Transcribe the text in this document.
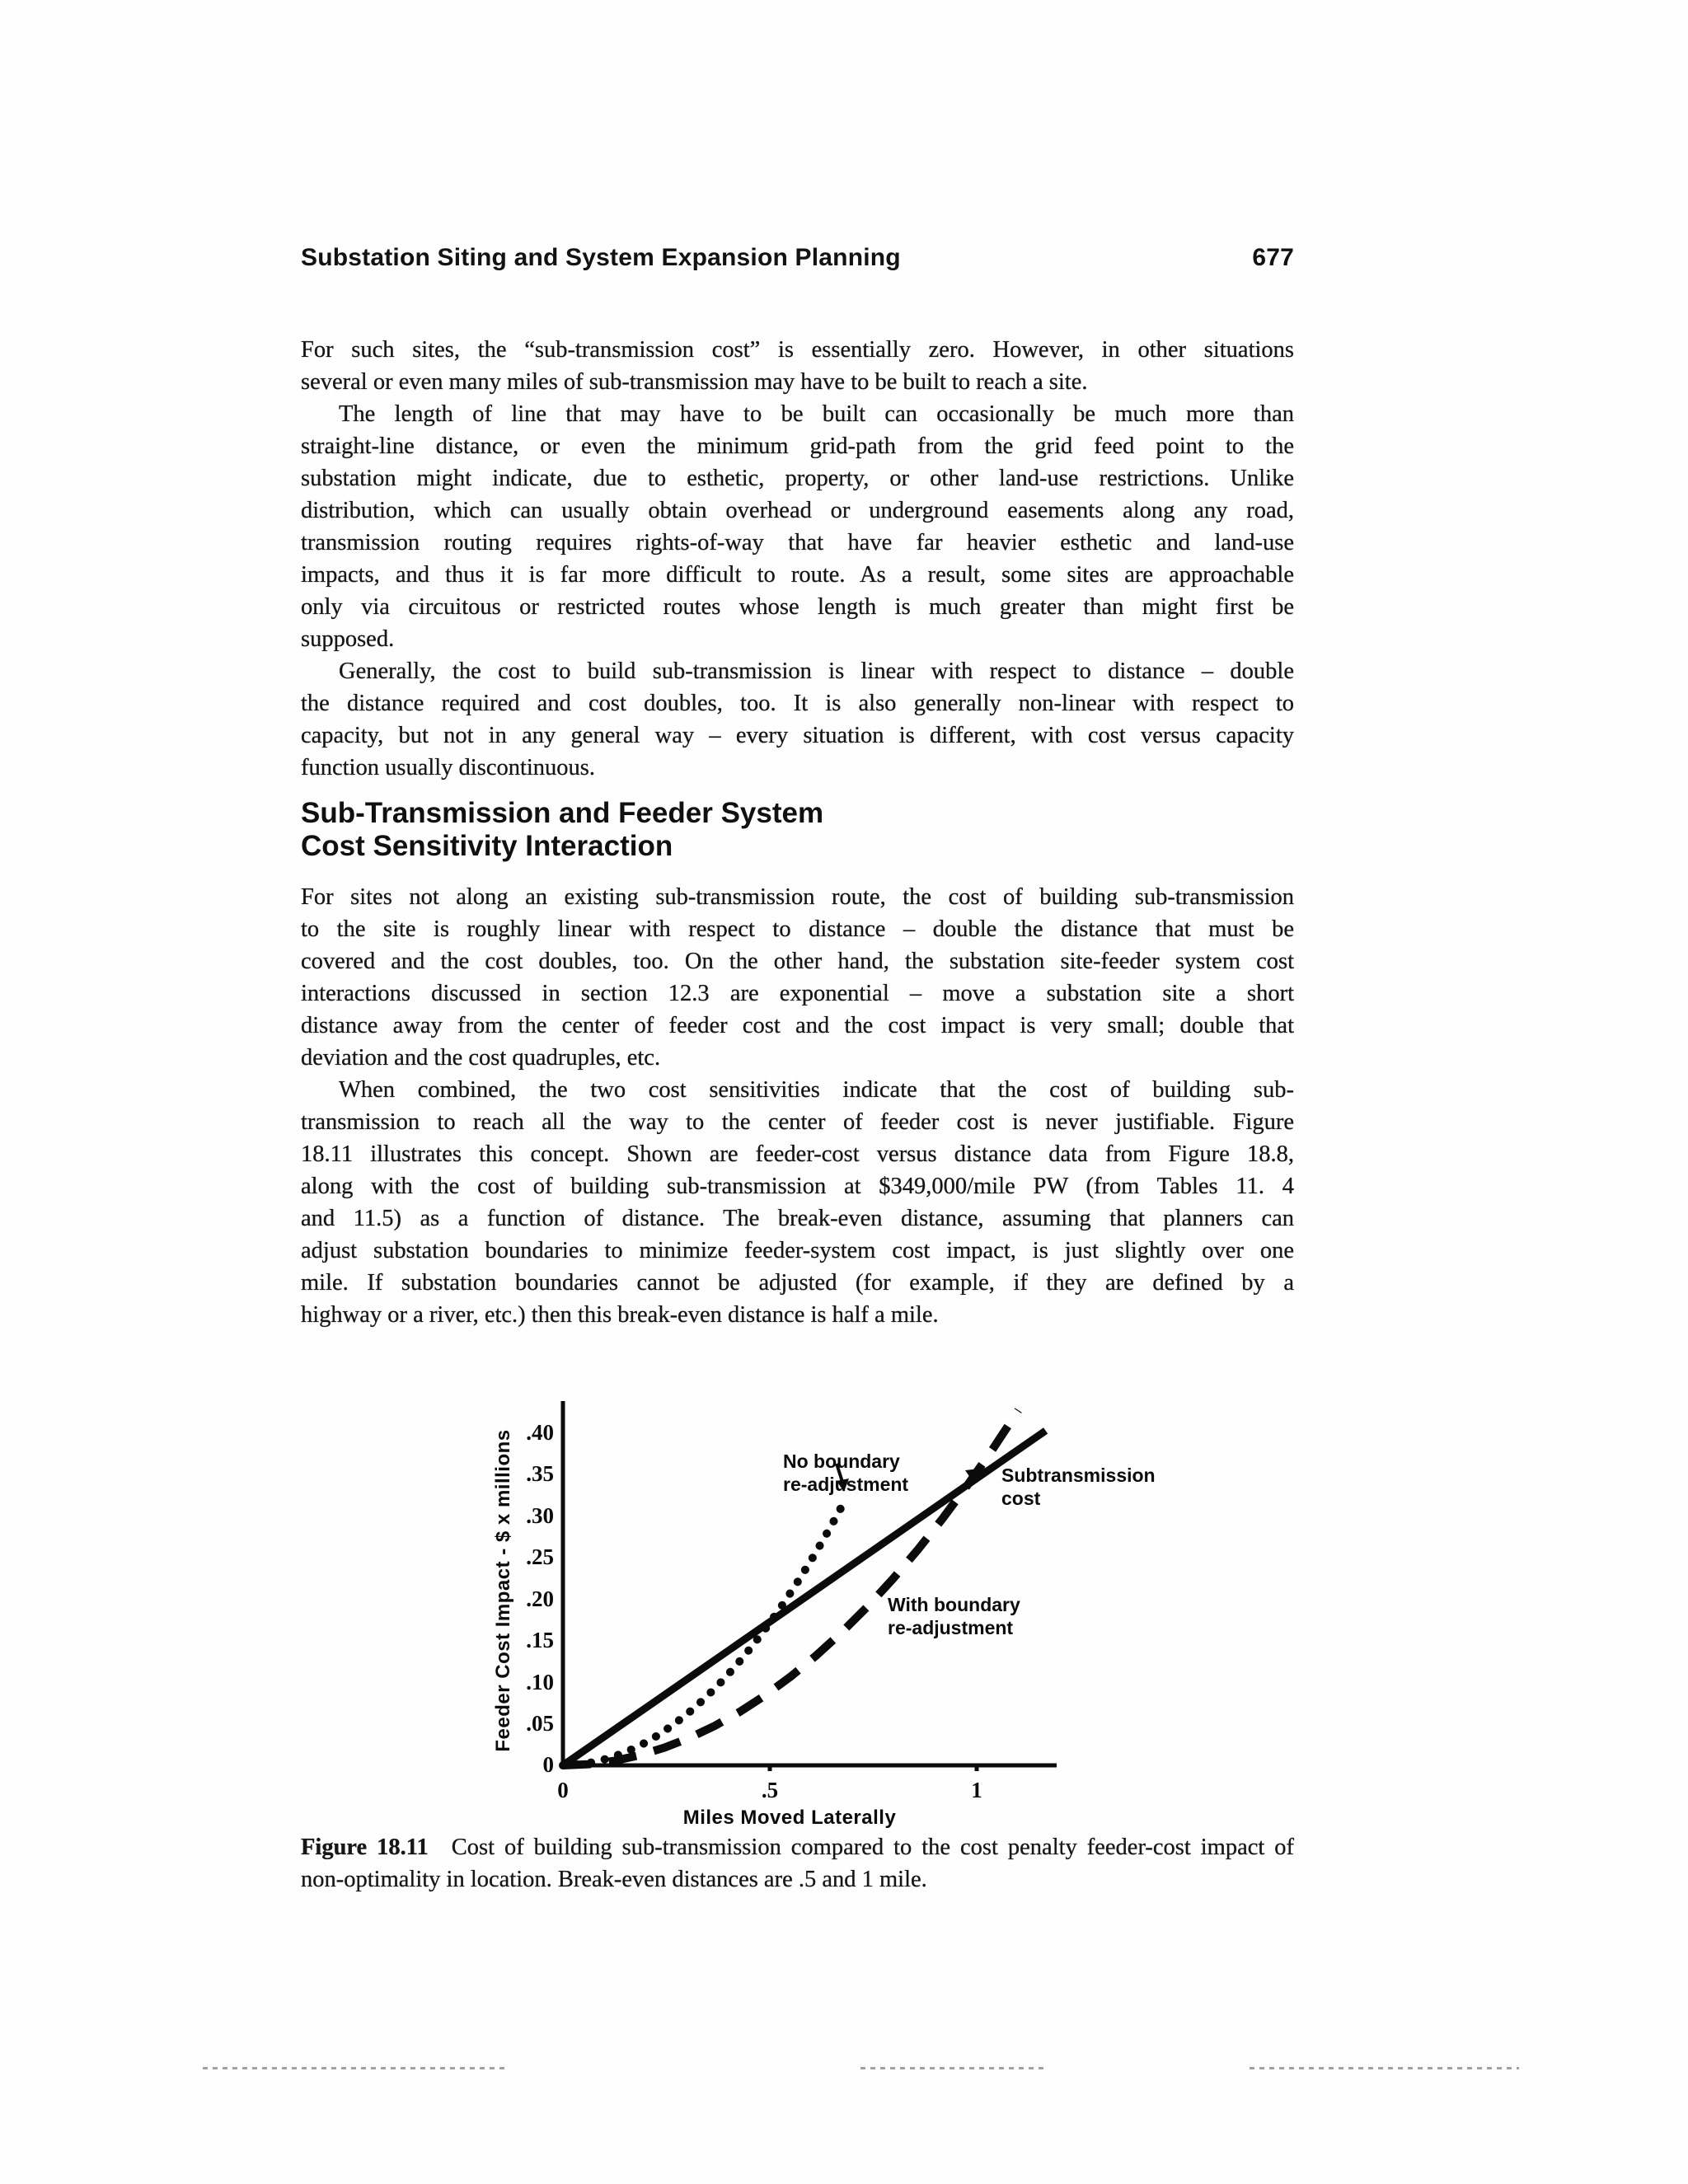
Substation Siting and System Expansion Planning	677
For such sites, the “sub-transmission cost” is essentially zero. However, in other situations
several or even many miles of sub-transmission may have to be built to reach a site.
The length of line that may have to be built can occasionally be much more than
straight-line distance, or even the minimum grid-path from the grid feed point to the
substation might indicate, due to esthetic, property, or other land-use restrictions. Unlike
distribution, which can usually obtain overhead or underground easements along any road,
transmission routing requires rights-of-way that have far heavier esthetic and land-use
impacts, and thus it is far more difficult to route. As a result, some sites are approachable
only via circuitous or restricted routes whose length is much greater than might first be
supposed.
Generally, the cost to build sub-transmission is linear with respect to distance – double
the distance required and cost doubles, too. It is also generally non-linear with respect to
capacity, but not in any general way – every situation is different, with cost versus capacity
function usually discontinuous.
Sub-Transmission and Feeder System
Cost Sensitivity Interaction
For sites not along an existing sub-transmission route, the cost of building sub-transmission
to the site is roughly linear with respect to distance – double the distance that must be
covered and the cost doubles, too. On the other hand, the substation site-feeder system cost
interactions discussed in section 12.3 are exponential – move a substation site a short
distance away from the center of feeder cost and the cost impact is very small; double that
deviation and the cost quadruples, etc.
When combined, the two cost sensitivities indicate that the cost of building sub-
transmission to reach all the way to the center of feeder cost is never justifiable. Figure
18.11 illustrates this concept. Shown are feeder-cost versus distance data from Figure 18.8,
along with the cost of building sub-transmission at $349,000/mile PW (from Tables 11. 4
and 11.5) as a function of distance. The break-even distance, assuming that planners can
adjust substation boundaries to minimize feeder-system cost impact, is just slightly over one
mile. If substation boundaries cannot be adjusted (for example, if they are defined by a
highway or a river, etc.) then this break-even distance is half a mile.
.40
.35
.30
.25
.20
.15
.10
.05
0
0	.5	1
Miles Moved Laterally
Feeder Cost Impact - $ x millions	No boundary
re-adjustment	Subtransmission
cost
With boundary
re-adjustment
Figure 18.11 Cost of building sub-transmission compared to the cost penalty feeder-cost impact of
non-optimality in location. Break-even distances are .5 and 1 mile.
